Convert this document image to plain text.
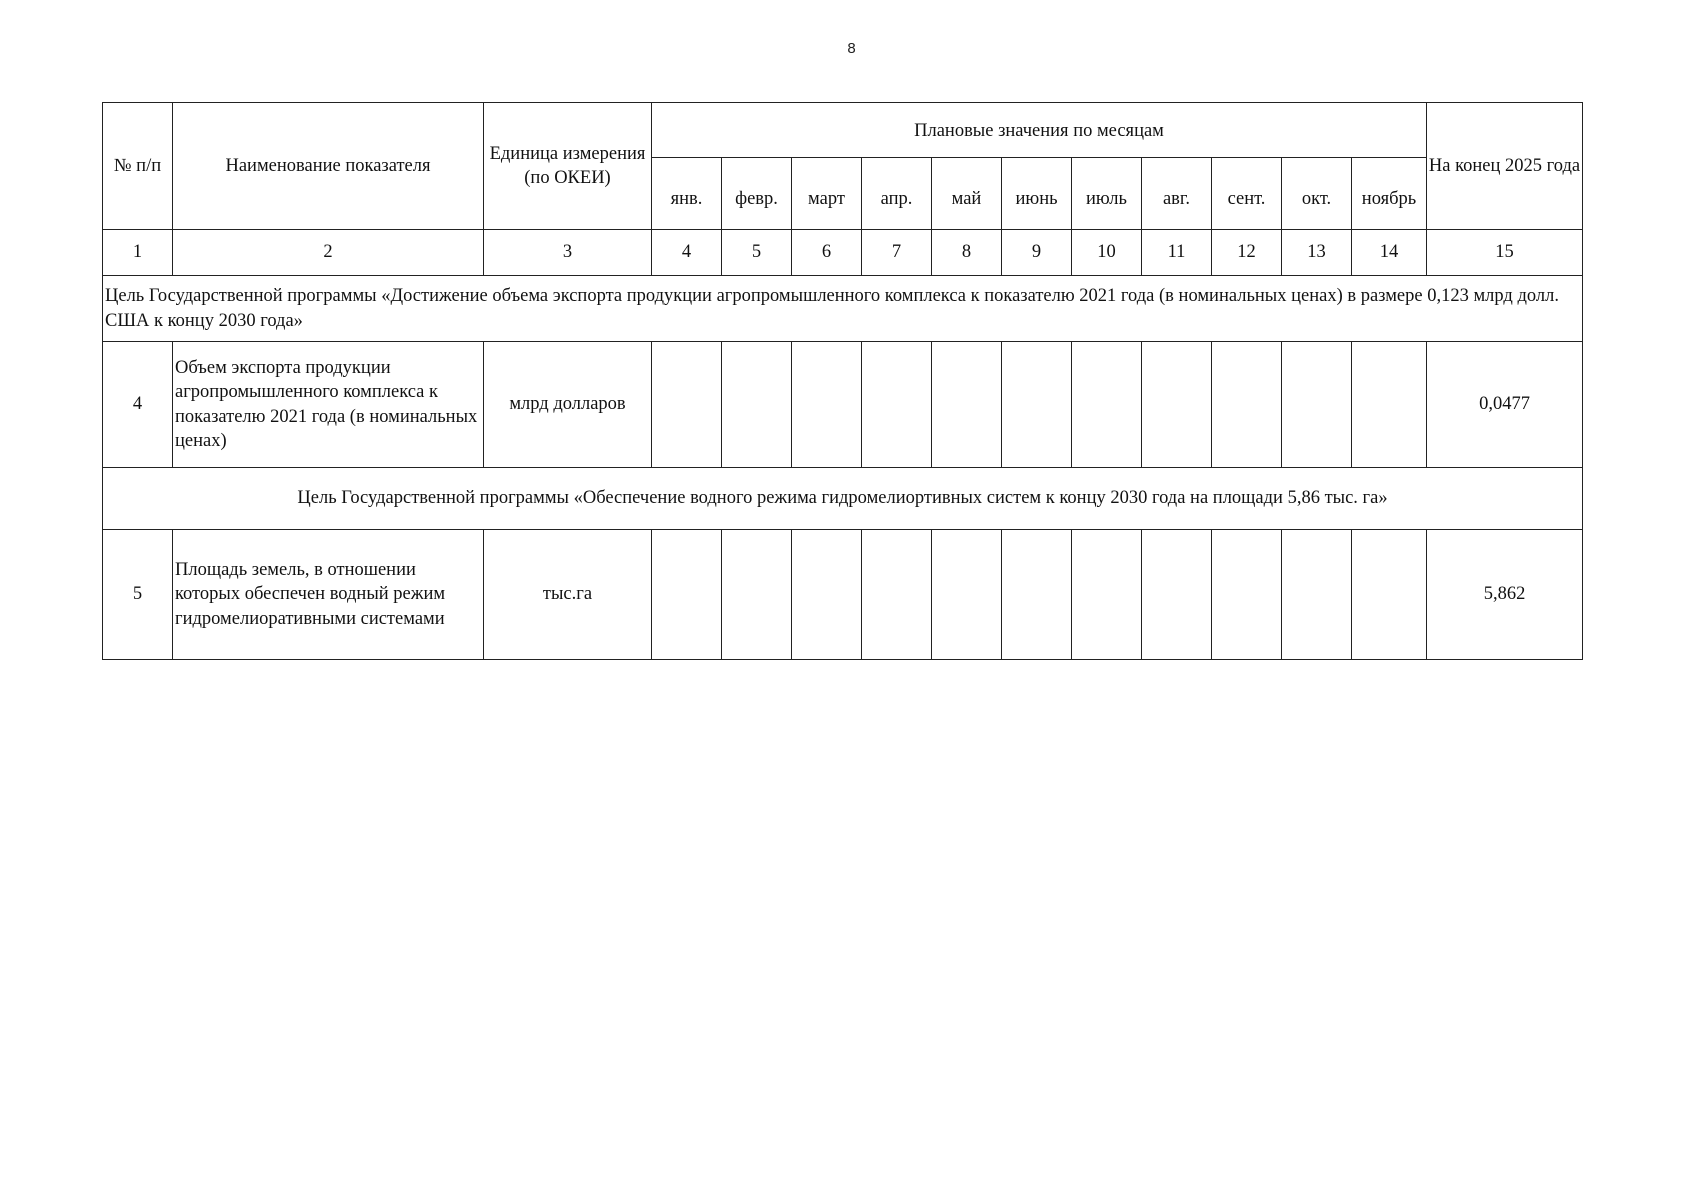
8
№ п/п	Наименование показателя	Единица измерения (по ОКЕИ)	Плановые значения по месяцам											На конец 2025 года
			янв.	февр.	март	апр.	май	июнь	июль	авг.	сент.	окт.	ноябрь	
1	2	3	4	5	6	7	8	9	10	11	12	13	14	15
Цель Государственной программы «Достижение объема экспорта продукции агропромышленного комплекса к показателю 2021 года (в номинальных ценах) в размере 0,123 млрд долл. США к концу 2030 года»														
4	Объем экспорта продукции агропромышленного комплекса к показателю 2021 года (в номинальных ценах)	млрд долларов												0,0477
Цель Государственной программы «Обеспечение водного режима гидромелиортивных систем к концу 2030 года на площади 5,86 тыс. га»														
5	Площадь земель, в отношении которых обеспечен водный режим гидромелиоративными системами	тыс.га												5,862
